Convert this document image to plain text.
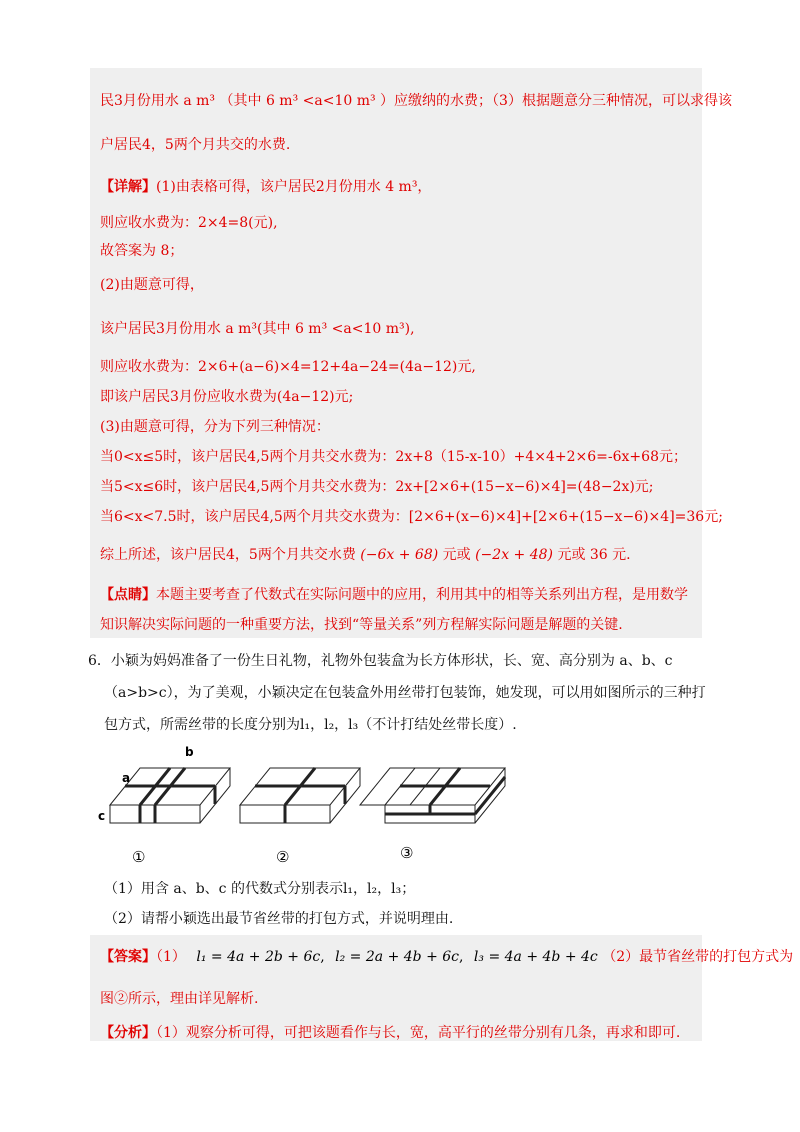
民3月份用水 a m³ （其中 6 m³ <a<10 m³ ）应缴纳的水费；（3）根据题意分三种情况，可以求得该
户居民4，5两个月共交的水费.
【详解】(1)由表格可得，该户居民2月份用水 4 m³，
则应收水费为：2×4=8(元),
故答案为 8；
(2)由题意可得，
该户居民3月份用水 a m³(其中 6 m³ <a<10 m³),
则应收水费为：2×6+(a−6)×4=12+4a−24=(4a−12)元,
即该户居民3月份应收水费为(4a−12)元;
(3)由题意可得，分为下列三种情况：
当0<x≤5时，该户居民4,5两个月共交水费为：2x+8（15-x-10）+4×4+2×6=-6x+68元；
当5<x≤6时，该户居民4,5两个月共交水费为：2x+[2×6+(15−x−6)×4]=(48−2x)元;
当6<x<7.5时，该户居民4,5两个月共交水费为：[2×6+(x−6)×4]+[2×6+(15−x−6)×4]=36元;
综上所述，该户居民4，5两个月共交水费 (−6x + 68) 元或 (−2x + 48) 元或 36 元.
【点睛】本题主要考查了代数式在实际问题中的应用，利用其中的相等关系列出方程，是用数学
知识解决实际问题的一种重要方法，找到“等量关系”列方程解实际问题是解题的关键.
6．小颖为妈妈准备了一份生日礼物，礼物外包装盒为长方体形状，长、宽、高分别为 a、b、c
（a>b>c），为了美观，小颖决定在包装盒外用丝带打包装饰，她发现，可以用如图所示的三种打
包方式，所需丝带的长度分别为l₁，l₂，l₃（不计打结处丝带长度）.
b
a
c
①	②	③
（1）用含 a、b、c 的代数式分别表示l₁，l₂，l₃；
（2）请帮小颖选出最节省丝带的打包方式，并说明理由.
【答案】（1） l₁ = 4a + 2b + 6c, l₂ = 2a + 4b + 6c, l₃ = 4a + 4b + 4c （2）最节省丝带的打包方式为
图②所示，理由详见解析.
【分析】（1）观察分析可得，可把该题看作与长，宽，高平行的丝带分别有几条，再求和即可.
